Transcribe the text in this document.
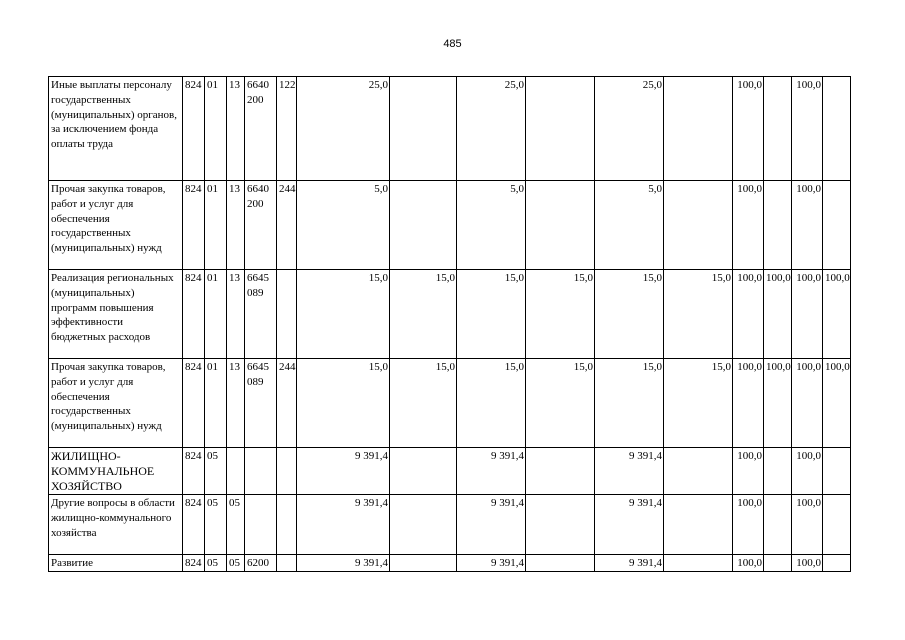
485
Иные выплаты персоналу государственных (муниципальных) органов, за исключением фонда оплаты труда	824	01	13	6640 200	122	25,0		25,0		25,0		100,0		100,0	
Прочая закупка товаров, работ и услуг для обеспечения государственных (муниципальных) нужд	824	01	13	6640 200	244	5,0		5,0		5,0		100,0		100,0	
Реализация региональных (муниципальных) программ повышения эффективности бюджетных расходов	824	01	13	6645 089		15,0	15,0	15,0	15,0	15,0	15,0	100,0	100,0	100,0	100,0
Прочая закупка товаров, работ и услуг для обеспечения государственных (муниципальных) нужд	824	01	13	6645 089	244	15,0	15,0	15,0	15,0	15,0	15,0	100,0	100,0	100,0	100,0
ЖИЛИЩНО-КОММУНАЛЬНОЕ ХОЗЯЙСТВО	824	05				9 391,4		9 391,4		9 391,4		100,0		100,0	
Другие вопросы в области жилищно-коммунального хозяйства	824	05	05			9 391,4		9 391,4		9 391,4		100,0		100,0	
Развитие	824	05	05	6200		9 391,4		9 391,4		9 391,4		100,0		100,0	
